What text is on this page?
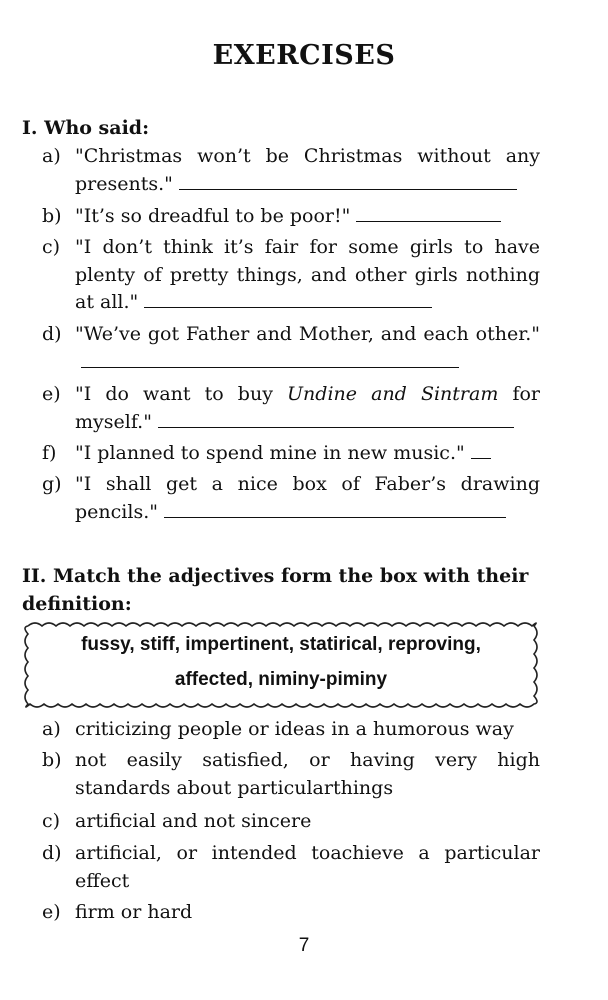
EXERCISES
I. Who said:
a) "Christmas won’t be Christmas without any presents."
b) "It’s so dreadful to be poor!"
c) "I don’t think it’s fair for some girls to have plenty of pretty things, and other girls nothing at all."
d) "We’ve got Father and Mother, and each other."
e) "I do want to buy Undine and Sintram for myself."
f) "I planned to spend mine in new music."
g) "I shall get a nice box of Faber’s drawing pencils."
II. Match the adjectives form the box with their definition:
fussy, stiff, impertinent, statirical, reproving,
affected, niminy-piminy
a) criticizing people or ideas in a humorous way
b) not easily satisfied, or having very high standards about particularthings
c) artificial and not sincere
d) artificial, or intended toachieve a particular effect
e) firm or hard
7
